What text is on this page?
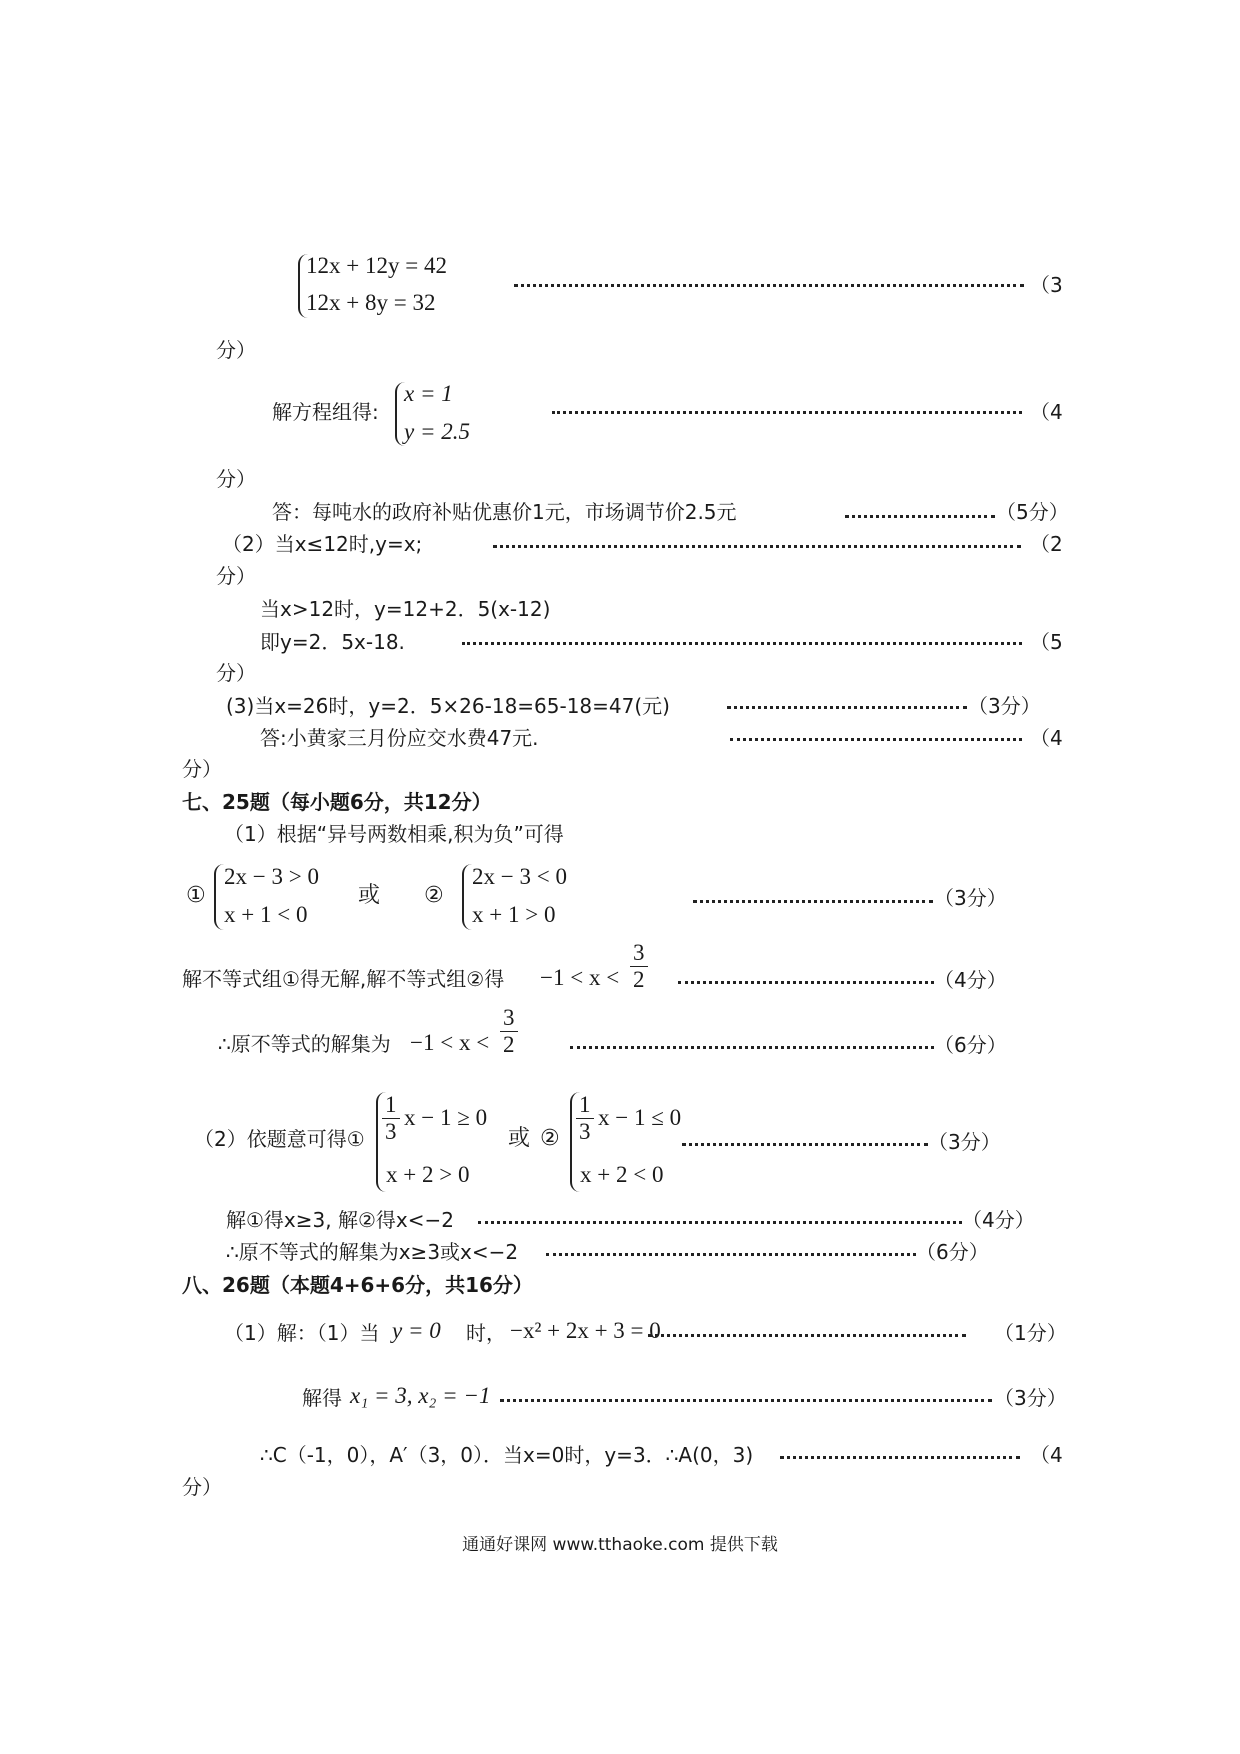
12x + 12y = 42
12x + 8y = 32
（3
分）
解方程组得:
x = 1
y = 2.5
（4
分）
答：每吨水的政府补贴优惠价1元，市场调节价2.5元	（5分）
（2）当x≤12时,y=x;	（2
分）
当x>12时，y=12+2．5(x-12)
即y=2．5x-18.	（5
分）
(3)当x=26时，y=2．5×26-18=65-18=47(元)	（3分）
答:小黄家三月份应交水费47元.	（4
分）
七、25题（每小题6分，共12分）
（1）根据“异号两数相乘,积为负”可得
①
2x − 3 > 0
x + 1 < 0
或 ②
2x − 3 < 0
x + 1 > 0
（3分）
解不等式组①得无解,解不等式组②得 $-1 < x < \frac{3}{2}$	（4分）
∴原不等式的解集为 $-1 < x < \frac{3}{2}$	（6分）
（2）依题意可得① $\frac{1}{3}$ x − 1 ≥ 0
x + 2 > 0
或 ② $\frac{1}{3}$ x − 1 ≤ 0
x + 2 < 0
（3分）
解①得x≥3, 解②得x<−2	（4分）
∴原不等式的解集为x≥3或x<−2	（6分）
八、26题（本题4+6+6分，共16分）
（1）解：（1）当 y = 0 时， −x² + 2x + 3 = 0	（1分）
解得 x₁ = 3, x₂ = −1	（3分）
∴C（-1，0），A′（3，0）．当x=0时，y=3．∴A(0，3)	（4
分）
通通好课网 www.tthaoke.com 提供下载
